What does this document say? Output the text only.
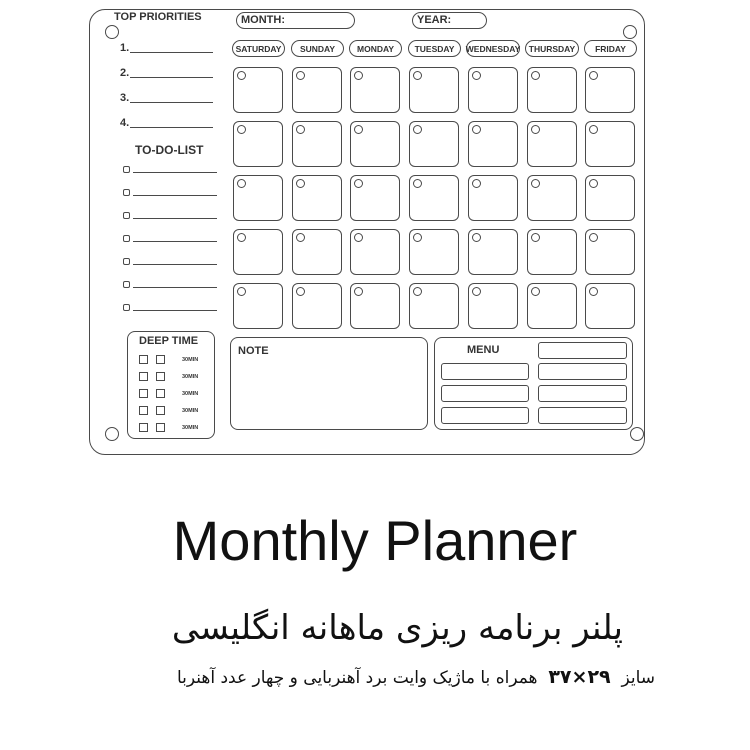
TOP PRIORITIES
1.
2.
3.
4.
TO-DO-LIST
MONTH:	YEAR:
SATURDAY	SUNDAY	MONDAY	TUESDAY	WEDNESDAY	THURSDAY	FRIDAY
DEEP TIME
30MIN
30MIN
30MIN
30MIN
30MIN
NOTE	MENU
Monthly Planner
پلنر برنامه ریزی ماهانه انگلیسی
سایز  ۲۹×۳۷  همراه با ماژیک وایت برد آهنربایی و چهار عدد آهنربا
